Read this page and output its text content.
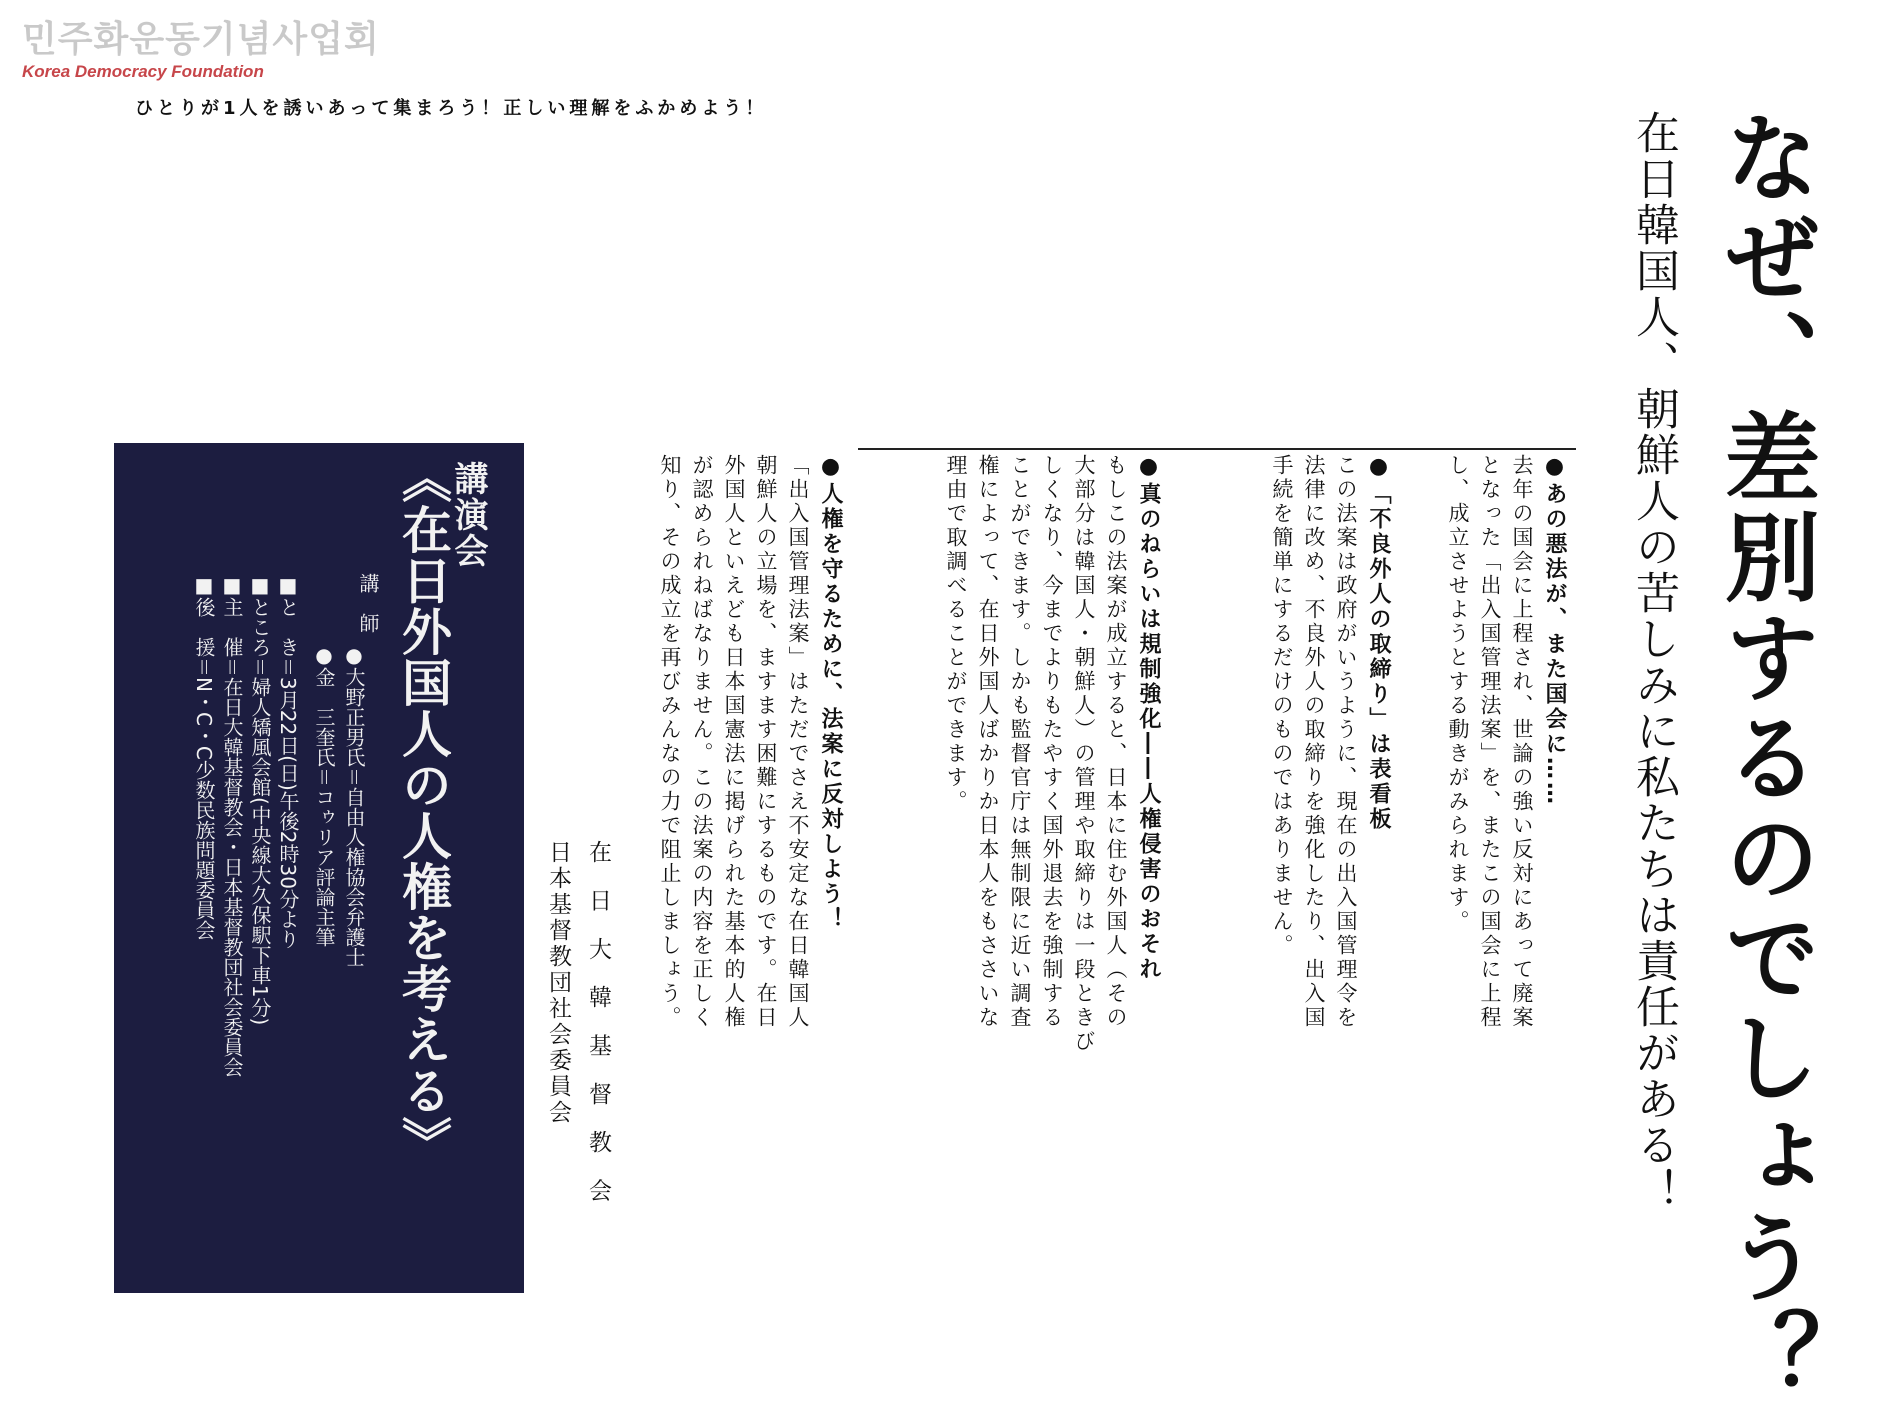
민주화운동기념사업회
Korea Democracy Foundation
ひとりが1人を誘いあって集まろう！正しい理解をふかめよう！	なぜ、差別するのでしょう？
在日韓国人、朝鮮人の苦しみに私たちは責任がある！
●あの悪法が、また国会に……
去年の国会に上程され、世論の強い反対にあって廃案
となった「出入国管理法案」を、またこの国会に上程
し、成立させようとする動きがみられます。
●「不良外人の取締り」は表看板
この法案は政府がいうように、現在の出入国管理令を
法律に改め、不良外人の取締りを強化したり、出入国
手続を簡単にするだけのものではありません。
●真のねらいは規制強化――人権侵害のおそれ
もしこの法案が成立すると、日本に住む外国人（その
大部分は韓国人・朝鮮人）の管理や取締りは一段ときび
しくなり、今までよりもたやすく国外退去を強制する
ことができます。しかも監督官庁は無制限に近い調査
権によって、在日外国人ばかりか日本人をもささいな
理由で取調べることができます。
●人権を守るために、法案に反対しよう！
「出入国管理法案」はただでさえ不安定な在日韓国人
朝鮮人の立場を、ますます困難にするものです。在日
外国人といえども日本国憲法に掲げられた基本的人権
が認められねばなりません。この法案の内容を正しく
知り、その成立を再びみんなの力で阻止しましょう。
在 日 大 韓 基 督 教 会
日本基督教団社会委員会
講演会
《在日外国人の人権を考える》
講　師
●大野正男氏＝自由人権協会弁護士
●金　三奎氏＝コゥリア評論主筆
■と　き＝3月22日(日)午後2時30分より
■ところ＝婦人矯風会館(中央線大久保駅下車1分)
■主　催＝在日大韓基督教会・日本基督教団社会委員会
■後　援＝N・C・C少数民族問題委員会
